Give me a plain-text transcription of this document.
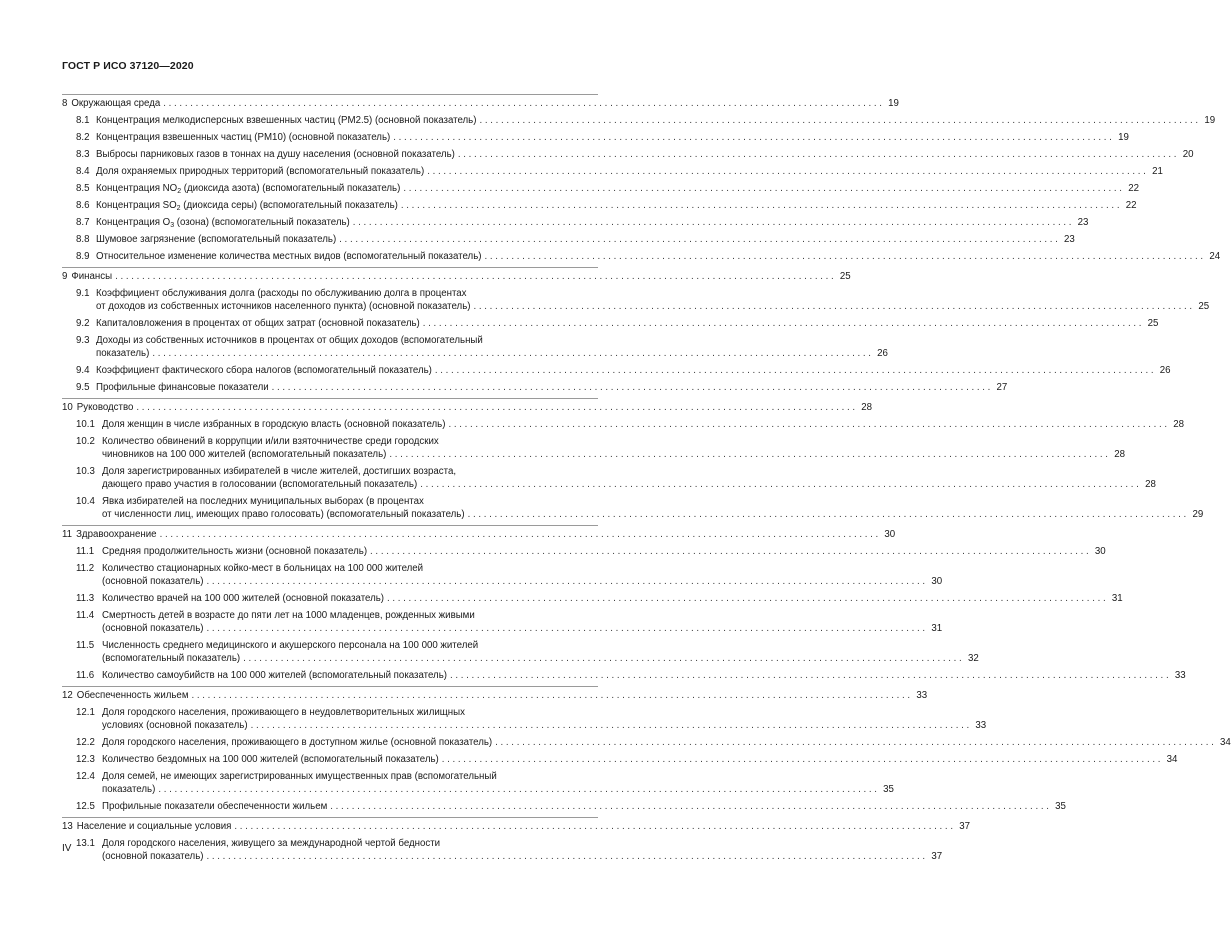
ГОСТ Р ИСО 37120—2020
8 Окружающая среда . . .	19
8.1 Концентрация мелкодисперсных взвешенных частиц (PM2.5) (основной показатель) . . .	19
8.2 Концентрация взвешенных частиц (PM10) (основной показатель) . . .	19
8.3 Выбросы парниковых газов в тоннах на душу населения (основной показатель) . . .	20
8.4 Доля охраняемых природных территорий (вспомогательный показатель) . . .	21
8.5 Концентрация $NO_2$ (диоксида азота) (вспомогательный показатель) . . .	22
8.6 Концентрация $SO_2$ (диоксида серы) (вспомогательный показатель) . . .	22
8.7 Концентрация $O_3$ (озона) (вспомогательный показатель) . . .	23
8.8 Шумовое загрязнение (вспомогательный показатель) . . .	23
8.9 Относительное изменение количества местных видов (вспомогательный показатель) . . .	24
9 Финансы . . .	25
9.1 Коэффициент обслуживания долга (расходы по обслуживанию долга в процентах
от доходов из собственных источников населенного пункта) (основной показатель) . . .	25
9.2 Капиталовложения в процентах от общих затрат (основной показатель) . . .	25
9.3 Доходы из собственных источников в процентах от общих доходов (вспомогательный
показатель) . . .	26
9.4 Коэффициент фактического сбора налогов (вспомогательный показатель) . . .	26
9.5 Профильные финансовые показатели . . .	27
10 Руководство . . .	28
10.1 Доля женщин в числе избранных в городскую власть (основной показатель) . . .	28
10.2 Количество обвинений в коррупции и/или взяточничестве среди городских
чиновников на 100 000 жителей (вспомогательный показатель) . . .	28
10.3 Доля зарегистрированных избирателей в числе жителей, достигших возраста,
дающего право участия в голосовании (вспомогательный показатель) . . .	28
10.4 Явка избирателей на последних муниципальных выборах (в процентах
от численности лиц, имеющих право голосовать) (вспомогательный показатель) . . .	29
11 Здравоохранение . . .	30
11.1 Средняя продолжительность жизни (основной показатель) . . .	30
11.2 Количество стационарных койко-мест в больницах на 100 000 жителей
(основной показатель) . . .	30
11.3 Количество врачей на 100 000 жителей (основной показатель) . . .	31
11.4 Смертность детей в возрасте до пяти лет на 1000 младенцев, рожденных живыми
(основной показатель) . . .	31
11.5 Численность среднего медицинского и акушерского персонала на 100 000 жителей
(вспомогательный показатель) . . .	32
11.6 Количество самоубийств на 100 000 жителей (вспомогательный показатель) . . .	33
12 Обеспеченность жильем . . .	33
12.1 Доля городского населения, проживающего в неудовлетворительных жилищных
условиях (основной показатель) . . .	33
12.2 Доля городского населения, проживающего в доступном жилье (основной показатель) . . .	34
12.3 Количество бездомных на 100 000 жителей (вспомогательный показатель) . . .	34
12.4 Доля семей, не имеющих зарегистрированных имущественных прав (вспомогательный
показатель) . . .	35
12.5 Профильные показатели обеспеченности жильем . . .	35
13 Население и социальные условия . . .	37
13.1 Доля городского населения, живущего за международной чертой бедности
(основной показатель) . . .	37
IV
